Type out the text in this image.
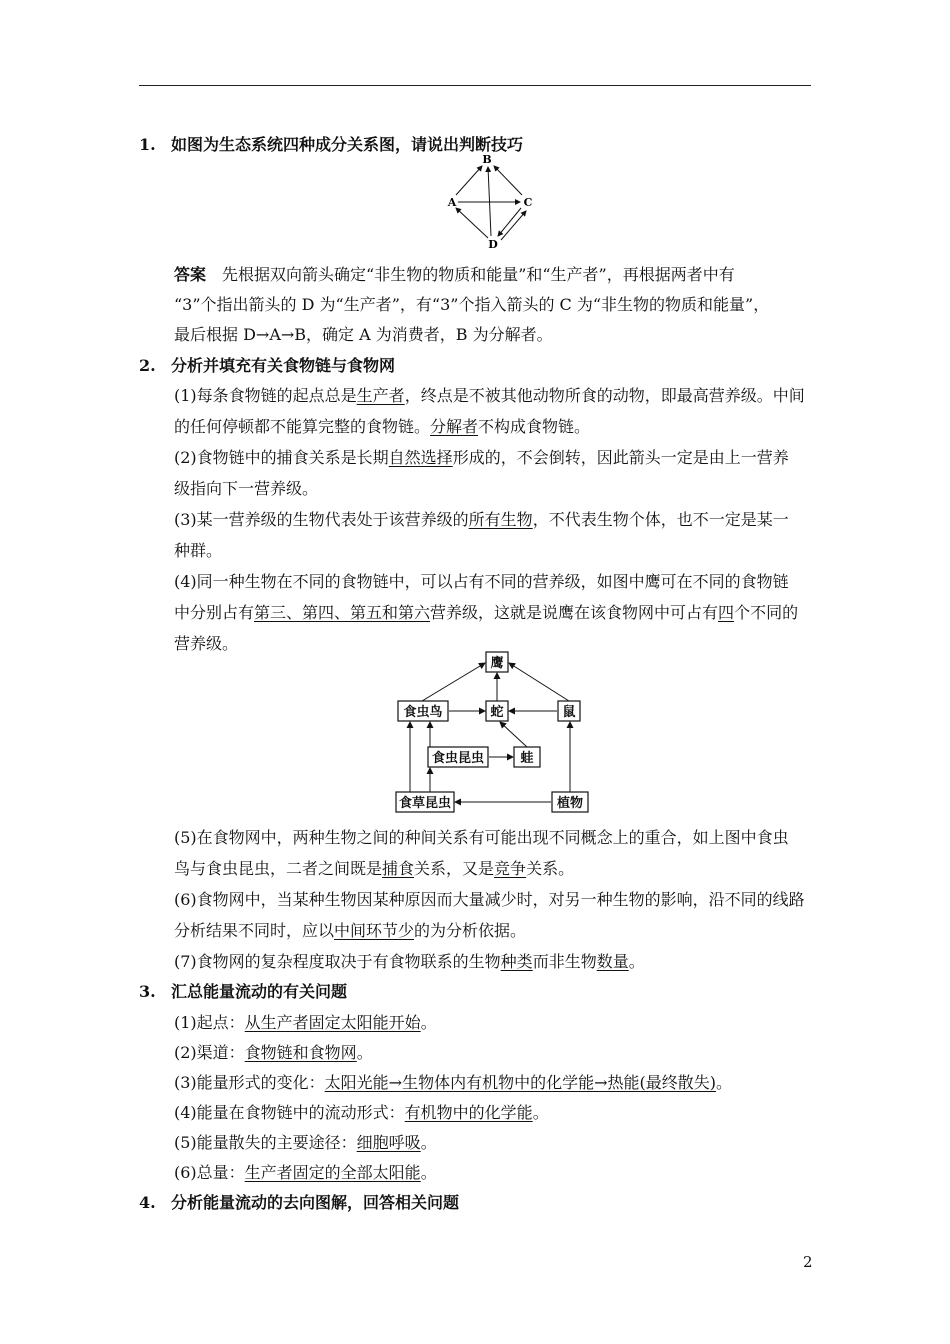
1. 如图为生态系统四种成分关系图，请说出判断技巧
B
A	C
D
答案 先根据双向箭头确定“非生物的物质和能量”和“生产者”，再根据两者中有
“3”个指出箭头的 D 为“生产者”，有“3”个指入箭头的 C 为“非生物的物质和能量”，
最后根据 D→A→B，确定 A 为消费者，B 为分解者。
2. 分析并填充有关食物链与食物网
(1)每条食物链的起点总是生产者，终点是不被其他动物所食的动物，即最高营养级。中间
的任何停顿都不能算完整的食物链。分解者不构成食物链。
(2)食物链中的捕食关系是长期自然选择形成的，不会倒转，因此箭头一定是由上一营养
级指向下一营养级。
(3)某一营养级的生物代表处于该营养级的所有生物，不代表生物个体，也不一定是某一
种群。
(4)同一种生物在不同的食物链中，可以占有不同的营养级，如图中鹰可在不同的食物链
中分别占有第三、第四、第五和第六营养级，这就是说鹰在该食物网中可占有四个不同的
营养级。
鹰
食虫鸟	蛇	鼠
食虫昆虫	蛙
食草昆虫	植物
(5)在食物网中，两种生物之间的种间关系有可能出现不同概念上的重合，如上图中食虫
鸟与食虫昆虫，二者之间既是捕食关系，又是竞争关系。
(6)食物网中，当某种生物因某种原因而大量减少时，对另一种生物的影响，沿不同的线路
分析结果不同时，应以中间环节少的为分析依据。
(7)食物网的复杂程度取决于有食物联系的生物种类而非生物数量。
3. 汇总能量流动的有关问题
(1)起点：从生产者固定太阳能开始。
(2)渠道：食物链和食物网。
(3)能量形式的变化：太阳光能→生物体内有机物中的化学能→热能(最终散失)。
(4)能量在食物链中的流动形式：有机物中的化学能。
(5)能量散失的主要途径：细胞呼吸。
(6)总量：生产者固定的全部太阳能。
4. 分析能量流动的去向图解，回答相关问题
2
